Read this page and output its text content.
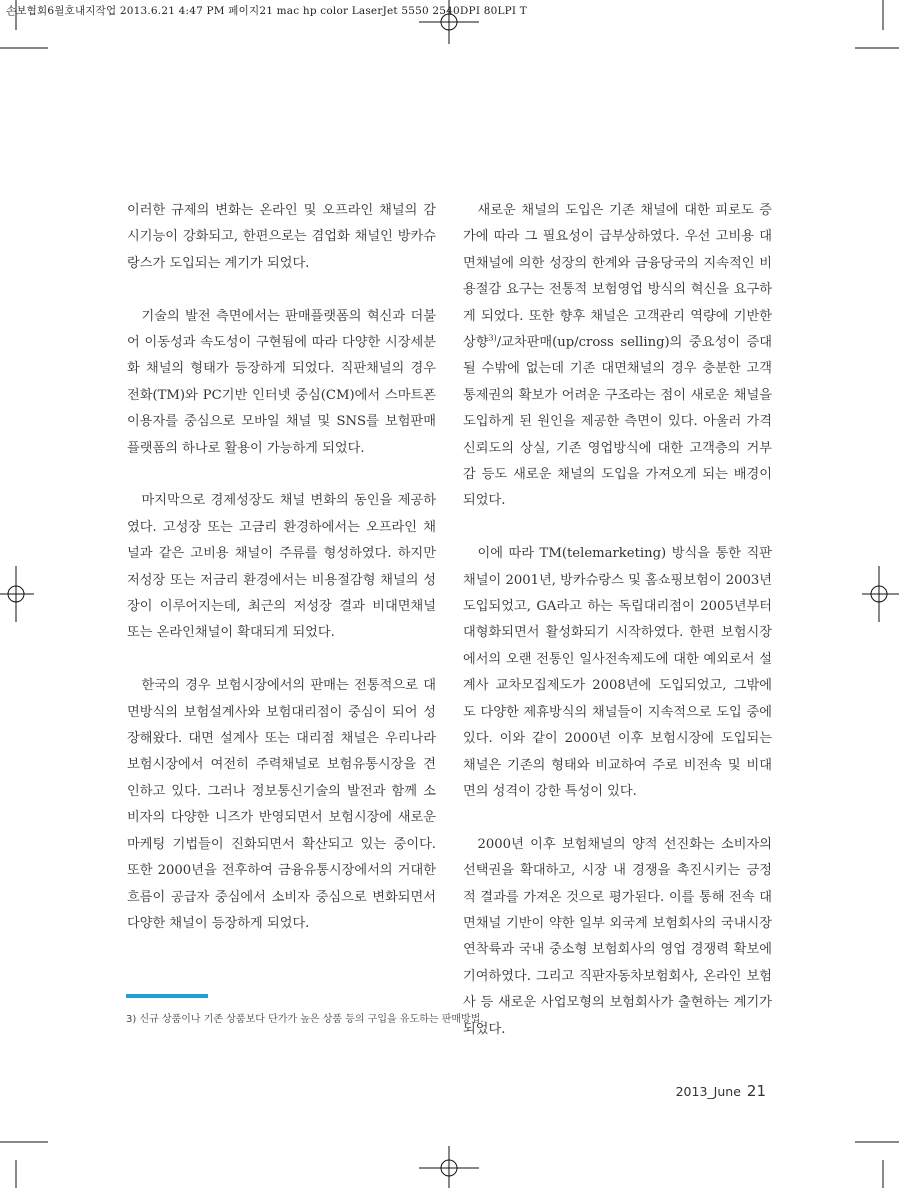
손보협회6월호내지작업 2013.6.21 4:47 PM 페이지21 mac hp color LaserJet 5550 2540DPI 80LPI T

이러한 규제의 변화는 온라인 및 오프라인 채널의 감시기능이 강화되고, 한편으로는 겸업화 채널인 방카슈랑스가 도입되는 계기가 되었다.

기술의 발전 측면에서는 판매플랫폼의 혁신과 더불어 이동성과 속도성이 구현됨에 따라 다양한 시장세분화 채널의 형태가 등장하게 되었다. 직판채널의 경우 전화(TM)와 PC기반 인터넷 중심(CM)에서 스마트폰 이용자를 중심으로 모바일 채널 및 SNS를 보험판매 플랫폼의 하나로 활용이 가능하게 되었다.

마지막으로 경제성장도 채널 변화의 동인을 제공하였다. 고성장 또는 고금리 환경하에서는 오프라인 채널과 같은 고비용 채널이 주류를 형성하였다. 하지만 저성장 또는 저금리 환경에서는 비용절감형 채널의 성장이 이루어지는데, 최근의 저성장 결과 비대면채널 또는 온라인채널이 확대되게 되었다.

한국의 경우 보험시장에서의 판매는 전통적으로 대면방식의 보험설계사와 보험대리점이 중심이 되어 성장해왔다. 대면 설계사 또는 대리점 채널은 우리나라 보험시장에서 여전히 주력채널로 보험유통시장을 견인하고 있다. 그러나 정보통신기술의 발전과 함께 소비자의 다양한 니즈가 반영되면서 보험시장에 새로운 마케팅 기법들이 진화되면서 확산되고 있는 중이다. 또한 2000년을 전후하여 금융유통시장에서의 거대한 흐름이 공급자 중심에서 소비자 중심으로 변화되면서 다양한 채널이 등장하게 되었다.

새로운 채널의 도입은 기존 채널에 대한 피로도 증가에 따라 그 필요성이 급부상하였다. 우선 고비용 대면채널에 의한 성장의 한계와 금융당국의 지속적인 비용절감 요구는 전통적 보험영업 방식의 혁신을 요구하게 되었다. 또한 향후 채널은 고객관리 역량에 기반한 상향$^{3)}$/교차판매(up/cross selling)의 중요성이 증대될 수밖에 없는데 기존 대면채널의 경우 충분한 고객 통제권의 확보가 어려운 구조라는 점이 새로운 채널을 도입하게 된 원인을 제공한 측면이 있다. 아울러 가격 신뢰도의 상실, 기존 영업방식에 대한 고객층의 거부감 등도 새로운 채널의 도입을 가져오게 되는 배경이 되었다.

이에 따라 TM(telemarketing) 방식을 통한 직판채널이 2001년, 방카슈랑스 및 홈쇼핑보험이 2003년 도입되었고, GA라고 하는 독립대리점이 2005년부터 대형화되면서 활성화되기 시작하였다. 한편 보험시장에서의 오랜 전통인 일사전속제도에 대한 예외로서 설계사 교차모집제도가 2008년에 도입되었고, 그밖에도 다양한 제휴방식의 채널들이 지속적으로 도입 중에 있다. 이와 같이 2000년 이후 보험시장에 도입되는 채널은 기존의 형태와 비교하여 주로 비전속 및 비대면의 성격이 강한 특성이 있다.

2000년 이후 보험채널의 양적 선진화는 소비자의 선택권을 확대하고, 시장 내 경쟁을 촉진시키는 긍정적 결과를 가져온 것으로 평가된다. 이를 통해 전속 대면채널 기반이 약한 일부 외국계 보험회사의 국내시장 연착륙과 국내 중소형 보험회사의 영업 경쟁력 확보에 기여하였다. 그리고 직판자동차보험회사, 온라인 보험사 등 새로운 사업모형의 보험회사가 출현하는 계기가 되었다.

3) 신규 상품이나 기존 상품보다 단가가 높은 상품 등의 구입을 유도하는 판매방법.
2013_June 21
